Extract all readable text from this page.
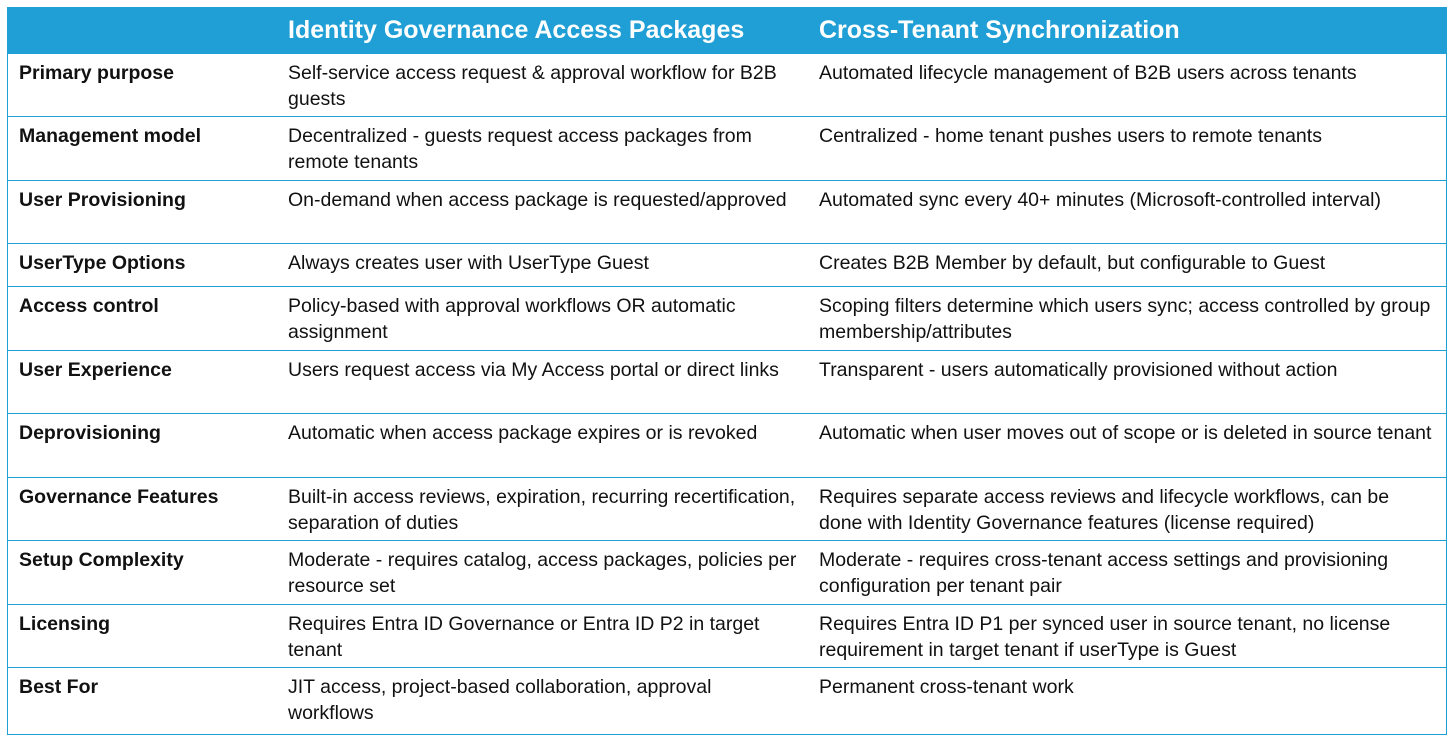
	Identity Governance Access Packages	Cross-Tenant Synchronization
Primary purpose	Self-service access request & approval workflow for B2B guests	Automated lifecycle management of B2B users across tenants
Management model	Decentralized - guests request access packages from remote tenants	Centralized - home tenant pushes users to remote tenants
User Provisioning	On-demand when access package is requested/approved	Automated sync every 40+ minutes (Microsoft-controlled interval)
UserType Options	Always creates user with UserType Guest	Creates B2B Member by default, but configurable to Guest
Access control	Policy-based with approval workflows OR automatic assignment	Scoping filters determine which users sync; access controlled by group membership/attributes
User Experience	Users request access via My Access portal or direct links	Transparent - users automatically provisioned without action
Deprovisioning	Automatic when access package expires or is revoked	Automatic when user moves out of scope or is deleted in source tenant
Governance Features	Built-in access reviews, expiration, recurring recertification, separation of duties	Requires separate access reviews and lifecycle workflows, can be done with Identity Governance features (license required)
Setup Complexity	Moderate - requires catalog, access packages, policies per resource set	Moderate - requires cross-tenant access settings and provisioning configuration per tenant pair
Licensing	Requires Entra ID Governance or Entra ID P2 in target tenant	Requires Entra ID P1 per synced user in source tenant, no license requirement in target tenant if userType is Guest
Best For	JIT access, project-based collaboration, approval workflows	Permanent cross-tenant work
